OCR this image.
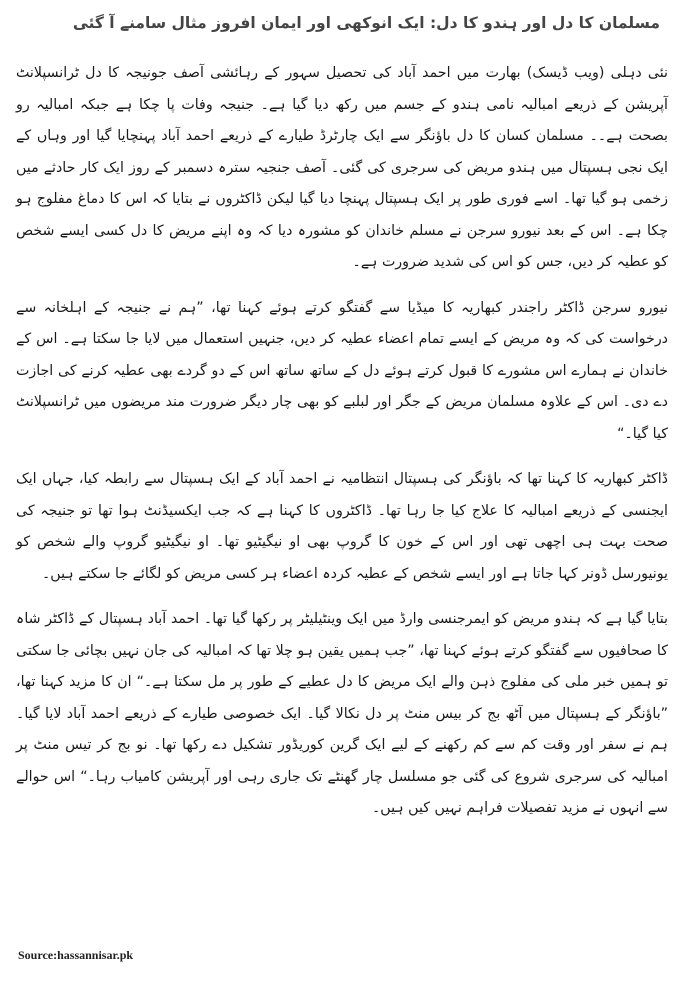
مسلمان کا دل اور ہندو کا دل: ایک انوکھی اور ایمان افروز مثال سامنے آ گئی

نئی دہلی (ویب ڈیسک) بھارت میں احمد آباد کی تحصیل سہور کے رہائشی آصف جونیجہ کا دل ٹرانسپلانٹ آپریشن کے ذریعے امبالیہ نامی ہندو کے جسم میں رکھ دیا گیا ہے۔ جنیجہ وفات پا چکا ہے جبکہ امبالیہ رو بصحت ہے۔۔ مسلمان کسان کا دل باؤنگر سے ایک چارٹرڈ طیارے کے ذریعے احمد آباد پہنچایا گیا اور وہاں کے ایک نجی ہسپتال میں ہندو مریض کی سرجری کی گئی۔ آصف جنجیہ سترہ دسمبر کے روز ایک کار حادثے میں زخمی ہو گیا تھا۔ اسے فوری طور پر ایک ہسپتال پہنچا دیا گیا لیکن ڈاکٹروں نے بتایا کہ اس کا دماغ مفلوج ہو چکا ہے۔ اس کے بعد نیورو سرجن نے مسلم خاندان کو مشورہ دیا کہ وہ اپنے مریض کا دل کسی ایسے شخص کو عطیہ کر دیں، جس کو اس کی شدید ضرورت ہے۔

نیورو سرجن ڈاکٹر راجندر کبھاریہ کا میڈیا سے گفتگو کرتے ہوئے کہنا تھا، ”ہم نے جنیجہ کے اہلخانہ سے درخواست کی کہ وہ مریض کے ایسے تمام اعضاء عطیہ کر دیں، جنہیں استعمال میں لایا جا سکتا ہے۔ اس کے خاندان نے ہمارے اس مشورے کا قبول کرتے ہوئے دل کے ساتھ ساتھ اس کے دو گردے بھی عطیہ کرنے کی اجازت دے دی۔ اس کے علاوہ مسلمان مریض کے جگر اور لبلبے کو بھی چار دیگر ضرورت مند مریضوں میں ٹرانسپلانٹ کیا گیا۔“

ڈاکٹر کبھاریہ کا کہنا تھا کہ باؤنگر کی ہسپتال انتظامیہ نے احمد آباد کے ایک ہسپتال سے رابطہ کیا، جہاں ایک ایجنسی کے ذریعے امبالیہ کا علاج کیا جا رہا تھا۔ ڈاکٹروں کا کہنا ہے کہ جب ایکسیڈنٹ ہوا تھا تو جنیجہ کی صحت بہت ہی اچھی تھی اور اس کے خون کا گروپ بھی او نیگیٹیو تھا۔ او نیگیٹیو گروپ والے شخص کو یونیورسل ڈونر کہا جاتا ہے اور ایسے شخص کے عطیہ کردہ اعضاء ہر کسی مریض کو لگائے جا سکتے ہیں۔

بتایا گیا ہے کہ ہندو مریض کو ایمرجنسی وارڈ میں ایک وینٹیلیٹر پر رکھا گیا تھا۔ احمد آباد ہسپتال کے ڈاکٹر شاہ کا صحافیوں سے گفتگو کرتے ہوئے کہنا تھا، ”جب ہمیں یقین ہو چلا تھا کہ امبالیہ کی جان نہیں بچائی جا سکتی تو ہمیں خبر ملی کی مفلوج ذہن والے ایک مریض کا دل عطیے کے طور پر مل سکتا ہے۔“ ان کا مزید کہنا تھا، ”باؤنگر کے ہسپتال میں آٹھ بج کر بیس منٹ پر دل نکالا گیا۔ ایک خصوصی طیارے کے ذریعے احمد آباد لایا گیا۔ ہم نے سفر اور وقت کم سے کم رکھنے کے لیے ایک گرین کوریڈور تشکیل دے رکھا تھا۔ نو بج کر تیس منٹ پر امبالیہ کی سرجری شروع کی گئی جو مسلسل چار گھنٹے تک جاری رہی اور آپریشن کامیاب رہا۔“ اس حوالے سے انہوں نے مزید تفصیلات فراہم نہیں کیں ہیں۔

Source:hassannisar.pk
